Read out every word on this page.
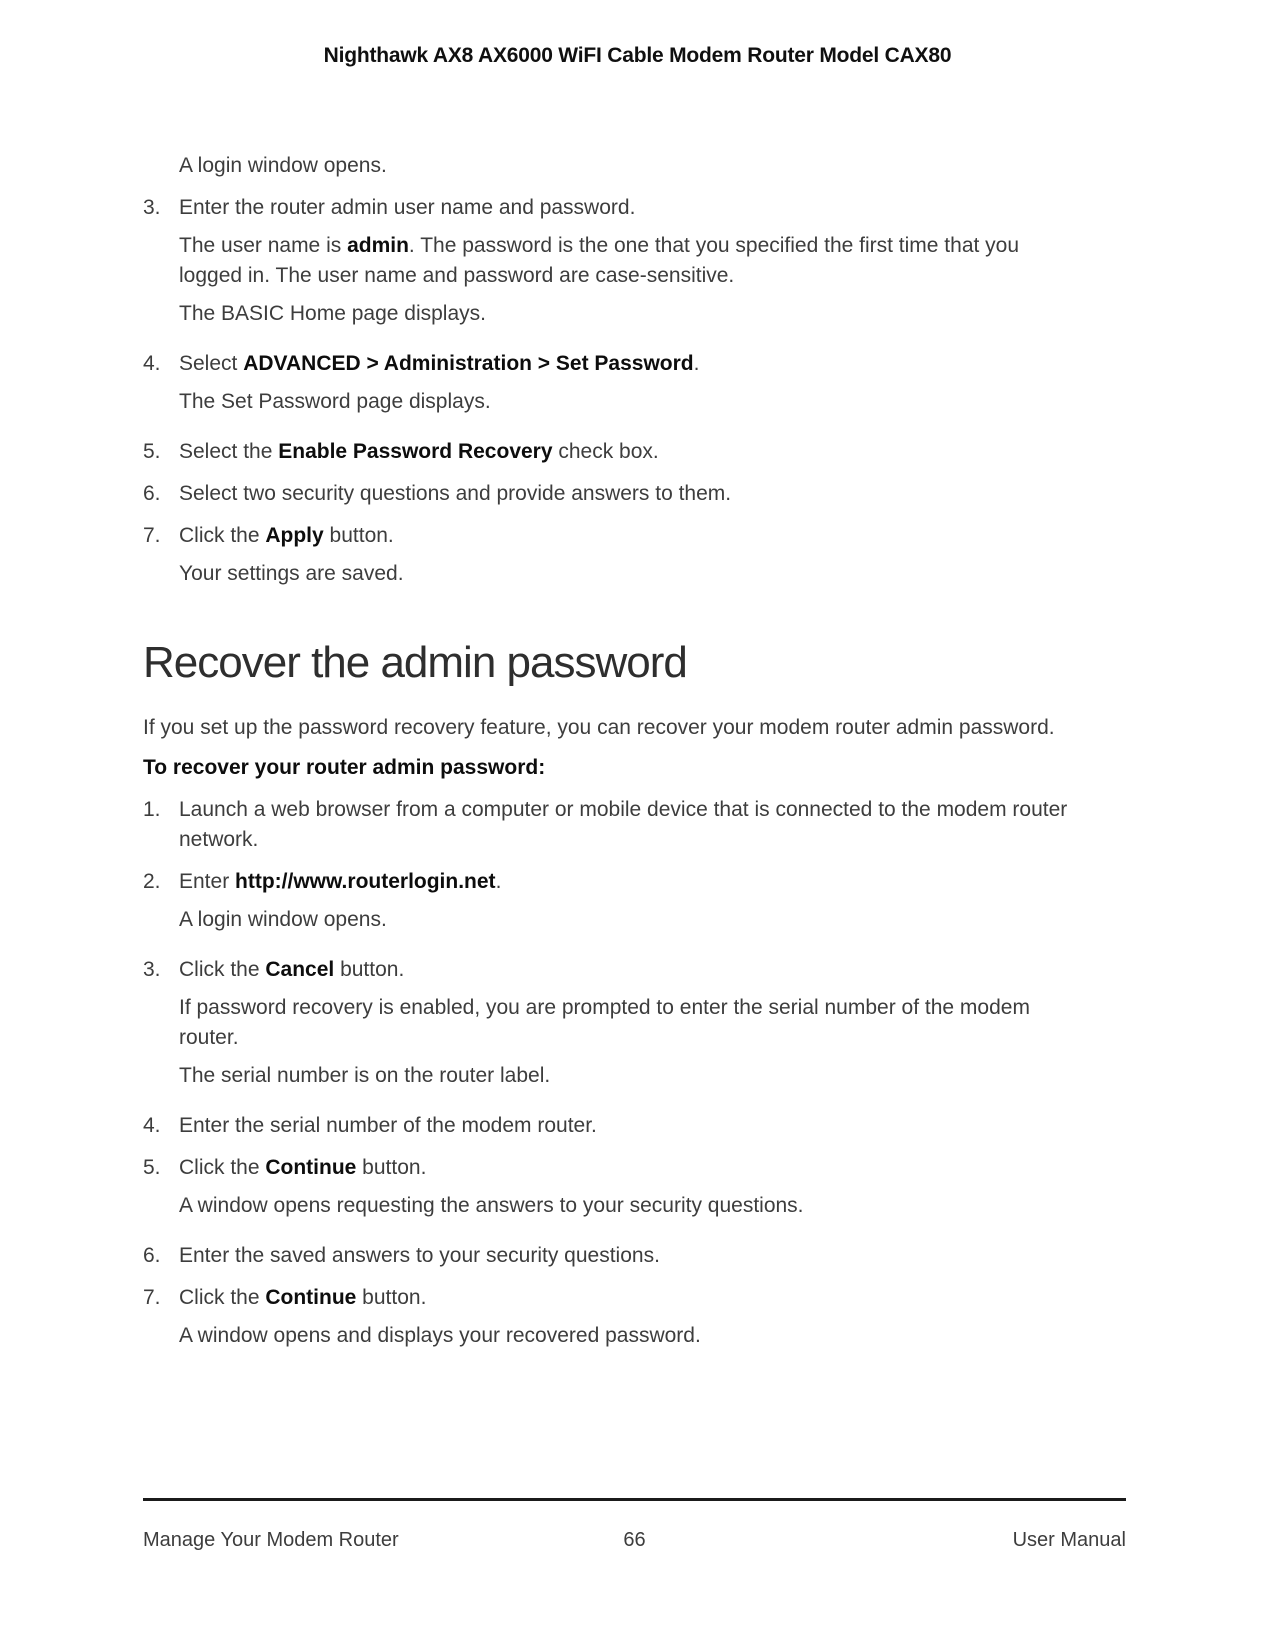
Nighthawk AX8 AX6000 WiFI Cable Modem Router Model CAX80

A login window opens.

3. Enter the router admin user name and password.

The user name is admin. The password is the one that you specified the first time that you logged in. The user name and password are case-sensitive.

The BASIC Home page displays.

4. Select ADVANCED > Administration > Set Password.

The Set Password page displays.

5. Select the Enable Password Recovery check box.
6. Select two security questions and provide answers to them.
7. Click the Apply button.

Your settings are saved.

Recover the admin password

If you set up the password recovery feature, you can recover your modem router admin password.

To recover your router admin password:

1. Launch a web browser from a computer or mobile device that is connected to the modem router network.
2. Enter http://www.routerlogin.net.

A login window opens.

3. Click the Cancel button.

If password recovery is enabled, you are prompted to enter the serial number of the modem router.

The serial number is on the router label.

4. Enter the serial number of the modem router.
5. Click the Continue button.

A window opens requesting the answers to your security questions.

6. Enter the saved answers to your security questions.
7. Click the Continue button.

A window opens and displays your recovered password.

Manage Your Modem Router	66	User Manual
